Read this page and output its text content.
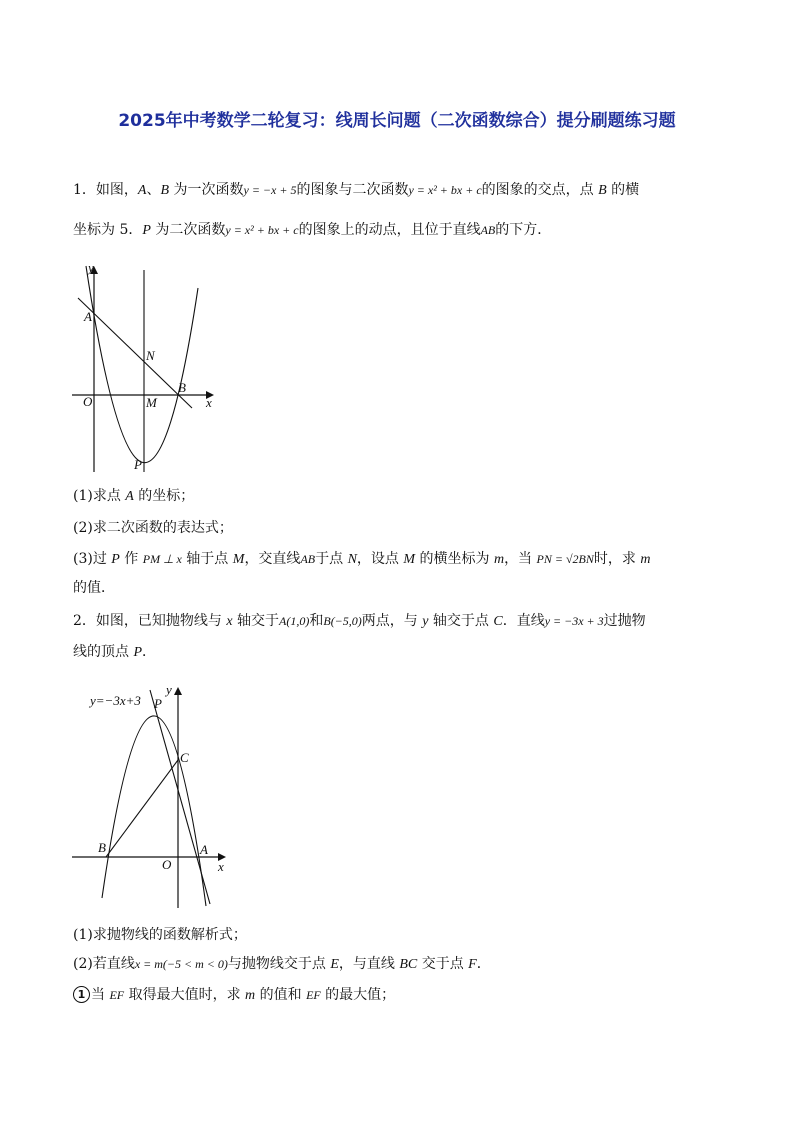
2025年中考数学二轮复习：线周长问题（二次函数综合）提分刷题练习题
1．如图，A、B 为一次函数y = −x + 5的图象与二次函数y = x² + bx + c的图象的交点，点 B 的横
坐标为 5．P 为二次函数y = x² + bx + c的图象上的动点，且位于直线AB的下方．
y
x
O
A
B
N
M
P
(1)求点 A 的坐标；
(2)求二次函数的表达式；
(3)过 P 作 PM ⊥ x 轴于点 M，交直线AB于点 N，设点 M 的横坐标为 m，当 PN = √2BN时，求 m
的值．
2．如图，已知抛物线与 x 轴交于A(1,0)和B(−5,0)两点，与 y 轴交于点 C．直线y = −3x + 3过抛物
线的顶点 P．
y=−3x+3
y
x
O
A
B
C
P
(1)求抛物线的函数解析式；
(2)若直线x = m(−5 < m < 0)与抛物线交于点 E，与直线 BC 交于点 F．
1 当 EF 取得最大值时，求 m 的值和 EF 的最大值；
